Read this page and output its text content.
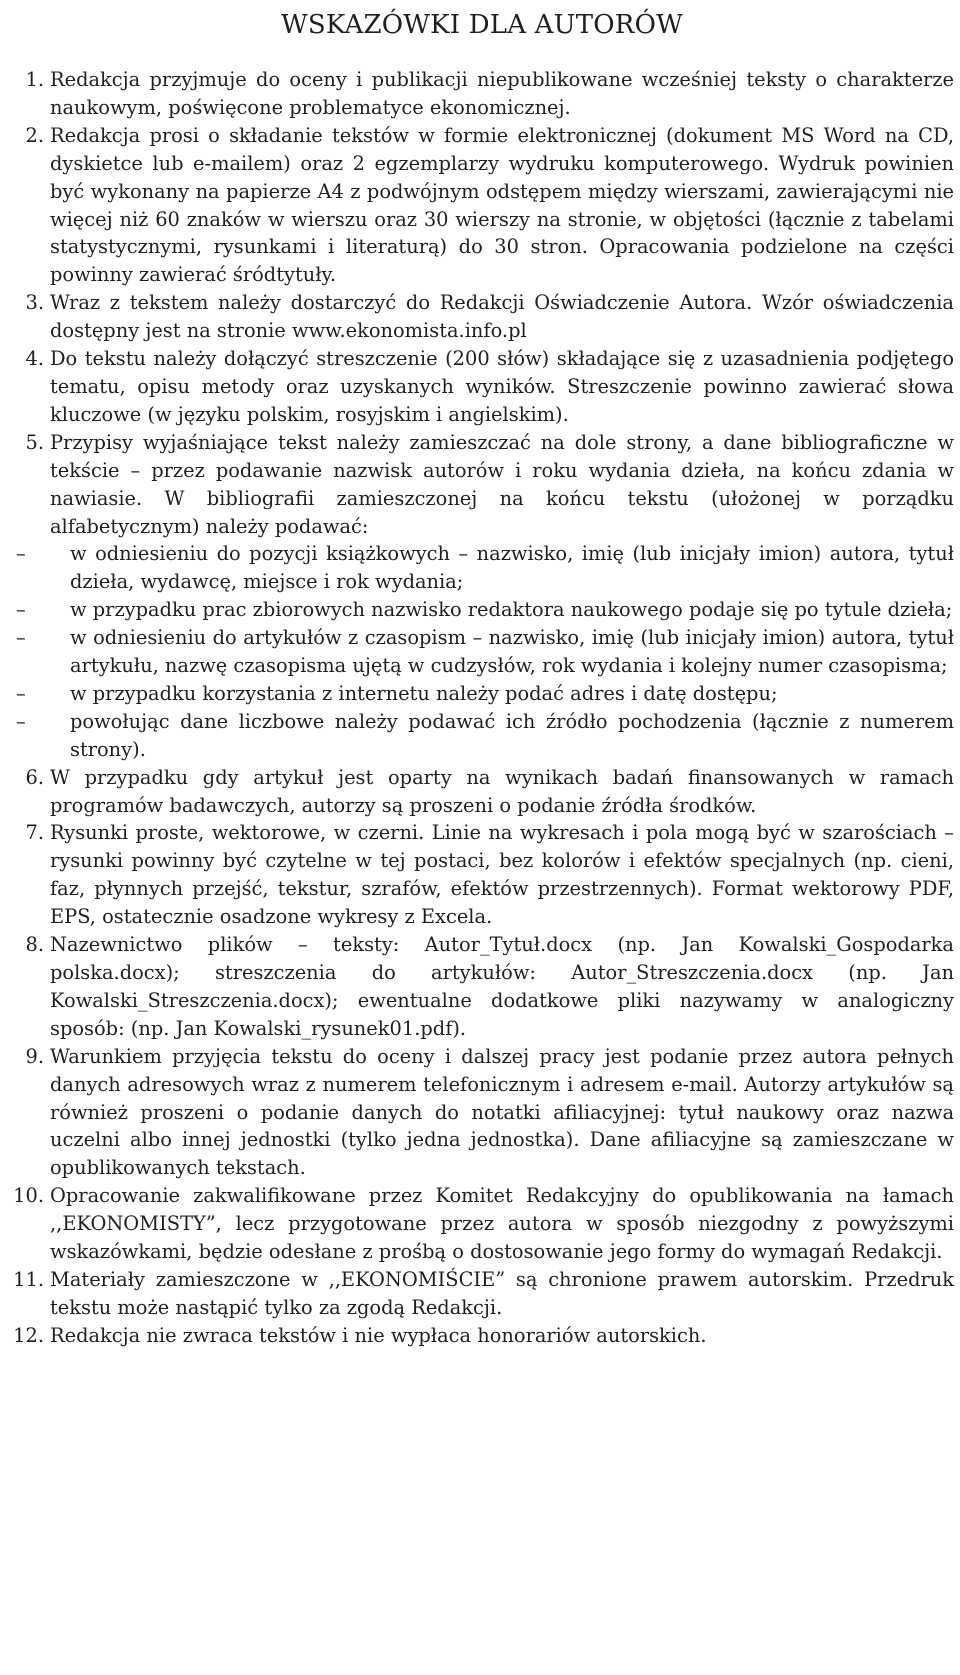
WSKAZÓWKI DLA AUTORÓW
1. Redakcja przyjmuje do oceny i publikacji niepublikowane wcześniej teksty o charakterze naukowym, poświęcone problematyce ekonomicznej.

2. Redakcja prosi o składanie tekstów w formie elektronicznej (dokument MS Word na CD, dyskietce lub e-mailem) oraz 2 egzemplarzy wydruku komputerowego. Wydruk powinien być wykonany na papierze A4 z podwójnym odstępem między wierszami, zawierającymi nie więcej niż 60 znaków w wierszu oraz 30 wierszy na stronie, w objętości (łącznie z tabelami statystycznymi, rysunkami i literaturą) do 30 stron. Opracowania podzielone na części powinny zawierać śródtytuły.

3. Wraz z tekstem należy dostarczyć do Redakcji Oświadczenie Autora. Wzór oświadczenia dostępny jest na stronie www.ekonomista.info.pl

4. Do tekstu należy dołączyć streszczenie (200 słów) składające się z uzasadnienia podjętego tematu, opisu metody oraz uzyskanych wyników. Streszczenie powinno zawierać słowa kluczowe (w języku polskim, rosyjskim i angielskim).

5. Przypisy wyjaśniające tekst należy zamieszczać na dole strony, a dane bibliograficzne w tekście – przez podawanie nazwisk autorów i roku wydania dzieła, na końcu zdania w nawiasie. W bibliografii zamieszczonej na końcu tekstu (ułożonej w porządku alfabetycznym) należy podawać:

–	w odniesieniu do pozycji książkowych – nazwisko, imię (lub inicjały imion) autora, tytuł dzieła, wydawcę, miejsce i rok wydania;
–	w przypadku prac zbiorowych nazwisko redaktora naukowego podaje się po tytule dzieła;
–	w odniesieniu do artykułów z czasopism – nazwisko, imię (lub inicjały imion) autora, tytuł artykułu, nazwę czasopisma ujętą w cudzysłów, rok wydania i kolejny numer czasopisma;
–	w przypadku korzystania z internetu należy podać adres i datę dostępu;
–	powołując dane liczbowe należy podawać ich źródło pochodzenia (łącznie z numerem strony).
6. W przypadku gdy artykuł jest oparty na wynikach badań finansowanych w ramach programów badawczych, autorzy są proszeni o podanie źródła środków.

7. Rysunki proste, wektorowe, w czerni. Linie na wykresach i pola mogą być w szarościach – rysunki powinny być czytelne w tej postaci, bez kolorów i efektów specjalnych (np. cieni, faz, płynnych przejść, tekstur, szrafów, efektów przestrzennych). Format wektorowy PDF, EPS, ostatecznie osadzone wykresy z Excela.

8. Nazewnictwo plików – teksty: Autor_Tytuł.docx (np. Jan Kowalski_Gospodarka polska.docx); streszczenia do artykułów: Autor_Streszczenia.docx (np. Jan Kowalski_Streszczenia.docx); ewentualne dodatkowe pliki nazywamy w analogiczny sposób: (np. Jan Kowalski_rysunek01.pdf).

9. Warunkiem przyjęcia tekstu do oceny i dalszej pracy jest podanie przez autora pełnych danych adresowych wraz z numerem telefonicznym i adresem e-mail. Autorzy artykułów są również proszeni o podanie danych do notatki afiliacyjnej: tytuł naukowy oraz nazwa uczelni albo innej jednostki (tylko jedna jednostka). Dane afiliacyjne są zamieszczane w opublikowanych tekstach.

10. Opracowanie zakwalifikowane przez Komitet Redakcyjny do opublikowania na łamach ,,EKONOMISTY”, lecz przygotowane przez autora w sposób niezgodny z powyższymi wskazówkami, będzie odesłane z prośbą o dostosowanie jego formy do wymagań Redakcji.

11. Materiały zamieszczone w ,,EKONOMIŚCIE” są chronione prawem autorskim. Przedruk tekstu może nastąpić tylko za zgodą Redakcji.

12. Redakcja nie zwraca tekstów i nie wypłaca honorariów autorskich.
